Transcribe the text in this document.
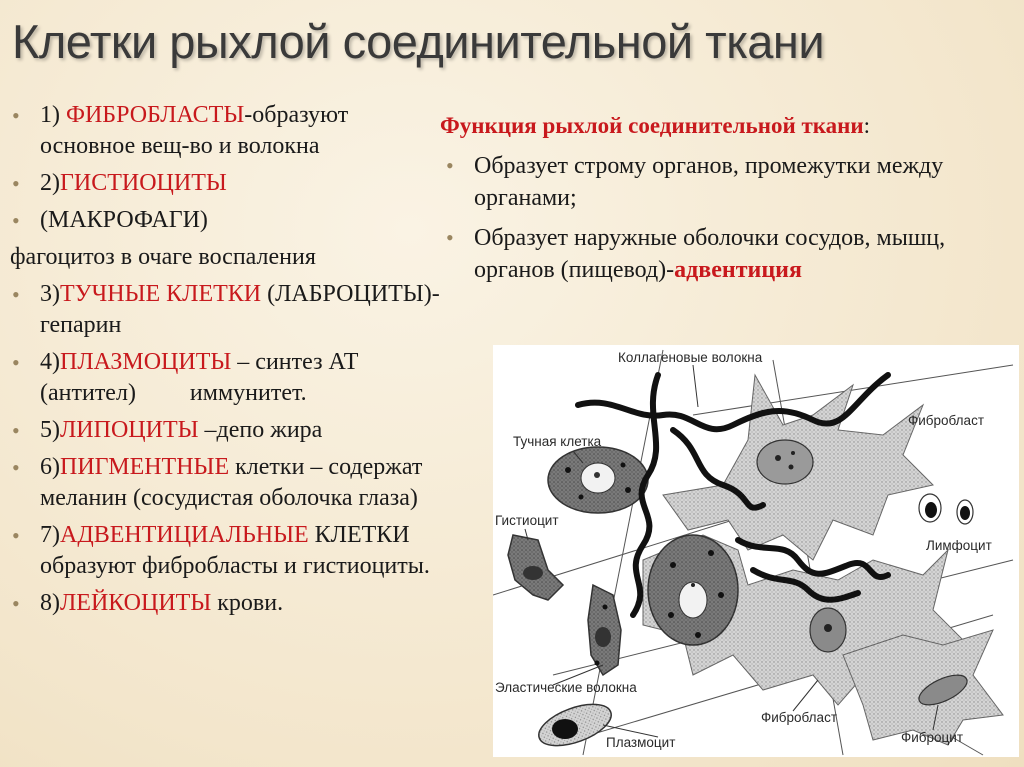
Клетки рыхлой соединительной ткани
• 1) ФИБРОБЛАСТЫ-образуют основное вещ-во и волокна
• 2)ГИСТИОЦИТЫ
• (МАКРОФАГИ)
фагоцитоз в очаге воспаления
• 3)ТУЧНЫЕ КЛЕТКИ (ЛАБРОЦИТЫ)-гепарин
• 4)ПЛАЗМОЦИТЫ – синтез АТ (антител)         иммунитет.
• 5)ЛИПОЦИТЫ –депо жира
• 6)ПИГМЕНТНЫЕ клетки – содержат    меланин (сосудистая оболочка глаза)
• 7)АДВЕНТИЦИАЛЬНЫЕ КЛЕТКИ образуют фибробласты и гистиоциты.
• 8)ЛЕЙКОЦИТЫ крови.
Функция рыхлой соединительной ткани:
• Образует строму органов, промежутки между органами;
• Образует наружные оболочки сосудов, мышц, органов (пищевод)-адвентиция
Коллагеновые волокна
Фибробласт
Тучная клетка
Гистиоцит
Лимфоцит
Эластические волокна
Фибробласт
Плазмоцит	Фиброцит
